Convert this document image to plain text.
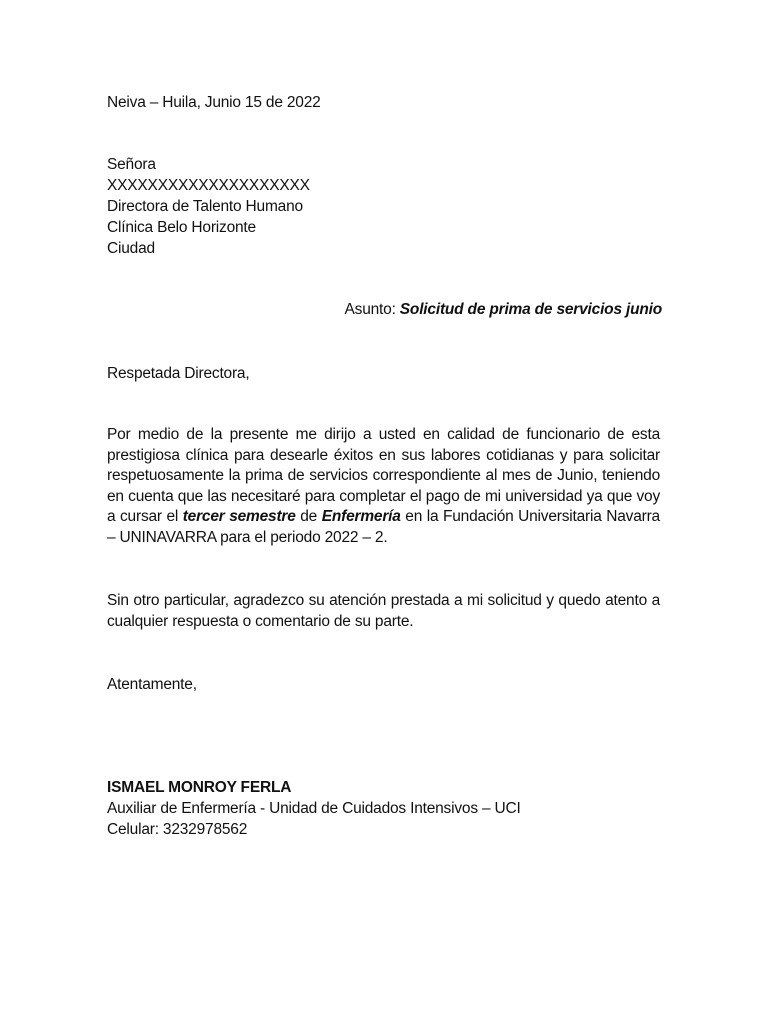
Neiva – Huila, Junio 15 de 2022
Señora
XXXXXXXXXXXXXXXXXXXX
Directora de Talento Humano
Clínica Belo Horizonte
Ciudad
Asunto: Solicitud de prima de servicios junio
Respetada Directora,
Por medio de la presente me dirijo a usted en calidad de funcionario de esta prestigiosa clínica para desearle éxitos en sus labores cotidianas y para solicitar respetuosamente la prima de servicios correspondiente al mes de Junio, teniendo en cuenta que las necesitaré para completar el pago de mi universidad ya que voy a cursar el tercer semestre de Enfermería en la Fundación Universitaria Navarra – UNINAVARRA para el periodo 2022 – 2.
Sin otro particular, agradezco su atención prestada a mi solicitud y quedo atento a cualquier respuesta o comentario de su parte.
Atentamente,
ISMAEL MONROY FERLA
Auxiliar de Enfermería - Unidad de Cuidados Intensivos – UCI
Celular: 3232978562
